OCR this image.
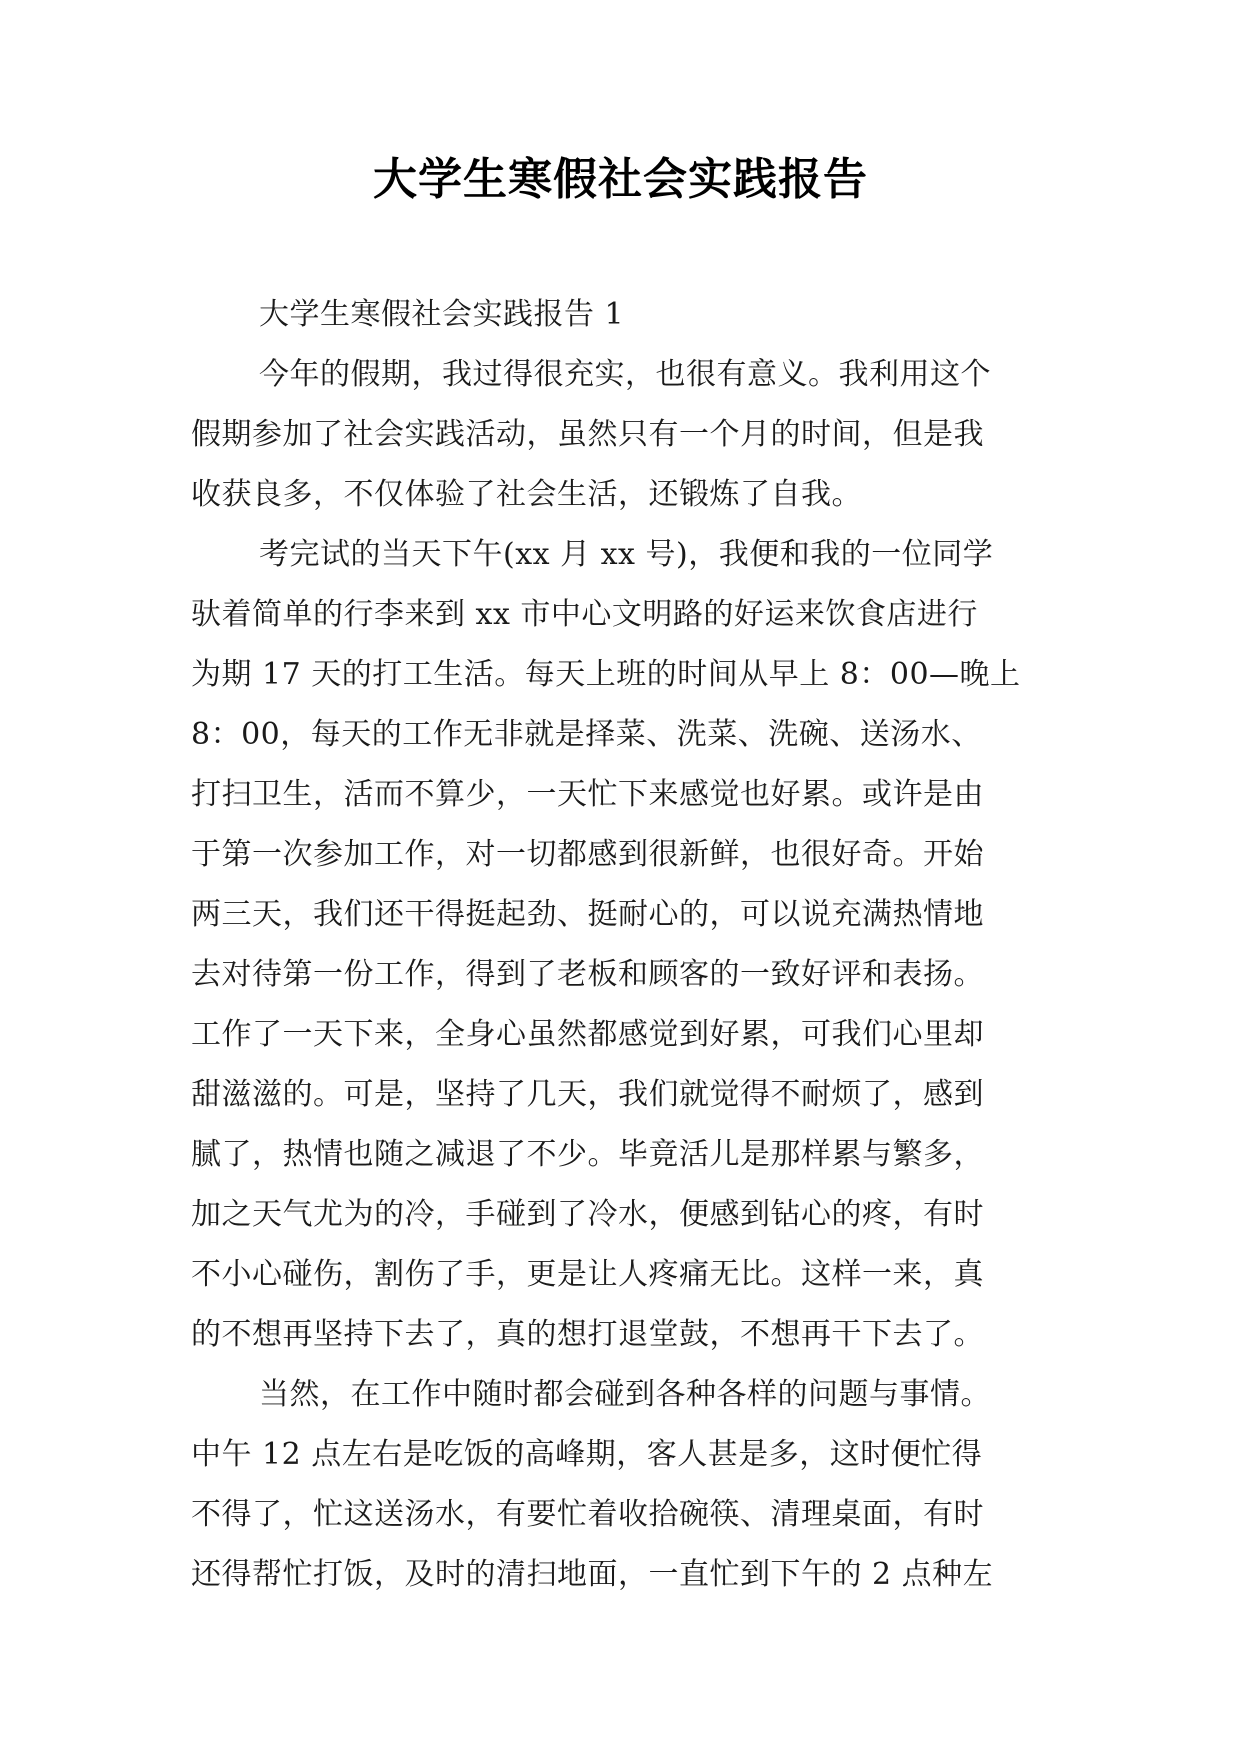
大学生寒假社会实践报告
大学生寒假社会实践报告 1
今年的假期，我过得很充实，也很有意义。我利用这个
假期参加了社会实践活动，虽然只有一个月的时间，但是我
收获良多，不仅体验了社会生活，还锻炼了自我。
考完试的当天下午(xx 月 xx 号)，我便和我的一位同学
驮着简单的行李来到 xx 市中心文明路的好运来饮食店进行
为期 17 天的打工生活。每天上班的时间从早上 8：00—晚上
8：00，每天的工作无非就是择菜、洗菜、洗碗、送汤水、
打扫卫生，活而不算少，一天忙下来感觉也好累。或许是由
于第一次参加工作，对一切都感到很新鲜，也很好奇。开始
两三天，我们还干得挺起劲、挺耐心的，可以说充满热情地
去对待第一份工作，得到了老板和顾客的一致好评和表扬。
工作了一天下来，全身心虽然都感觉到好累，可我们心里却
甜滋滋的。可是，坚持了几天，我们就觉得不耐烦了，感到
腻了，热情也随之减退了不少。毕竟活儿是那样累与繁多，
加之天气尤为的冷，手碰到了冷水，便感到钻心的疼，有时
不小心碰伤，割伤了手，更是让人疼痛无比。这样一来，真
的不想再坚持下去了，真的想打退堂鼓，不想再干下去了。
当然，在工作中随时都会碰到各种各样的问题与事情。
中午 12 点左右是吃饭的高峰期，客人甚是多，这时便忙得
不得了，忙这送汤水，有要忙着收拾碗筷、清理桌面，有时
还得帮忙打饭，及时的清扫地面，一直忙到下午的 2 点种左
